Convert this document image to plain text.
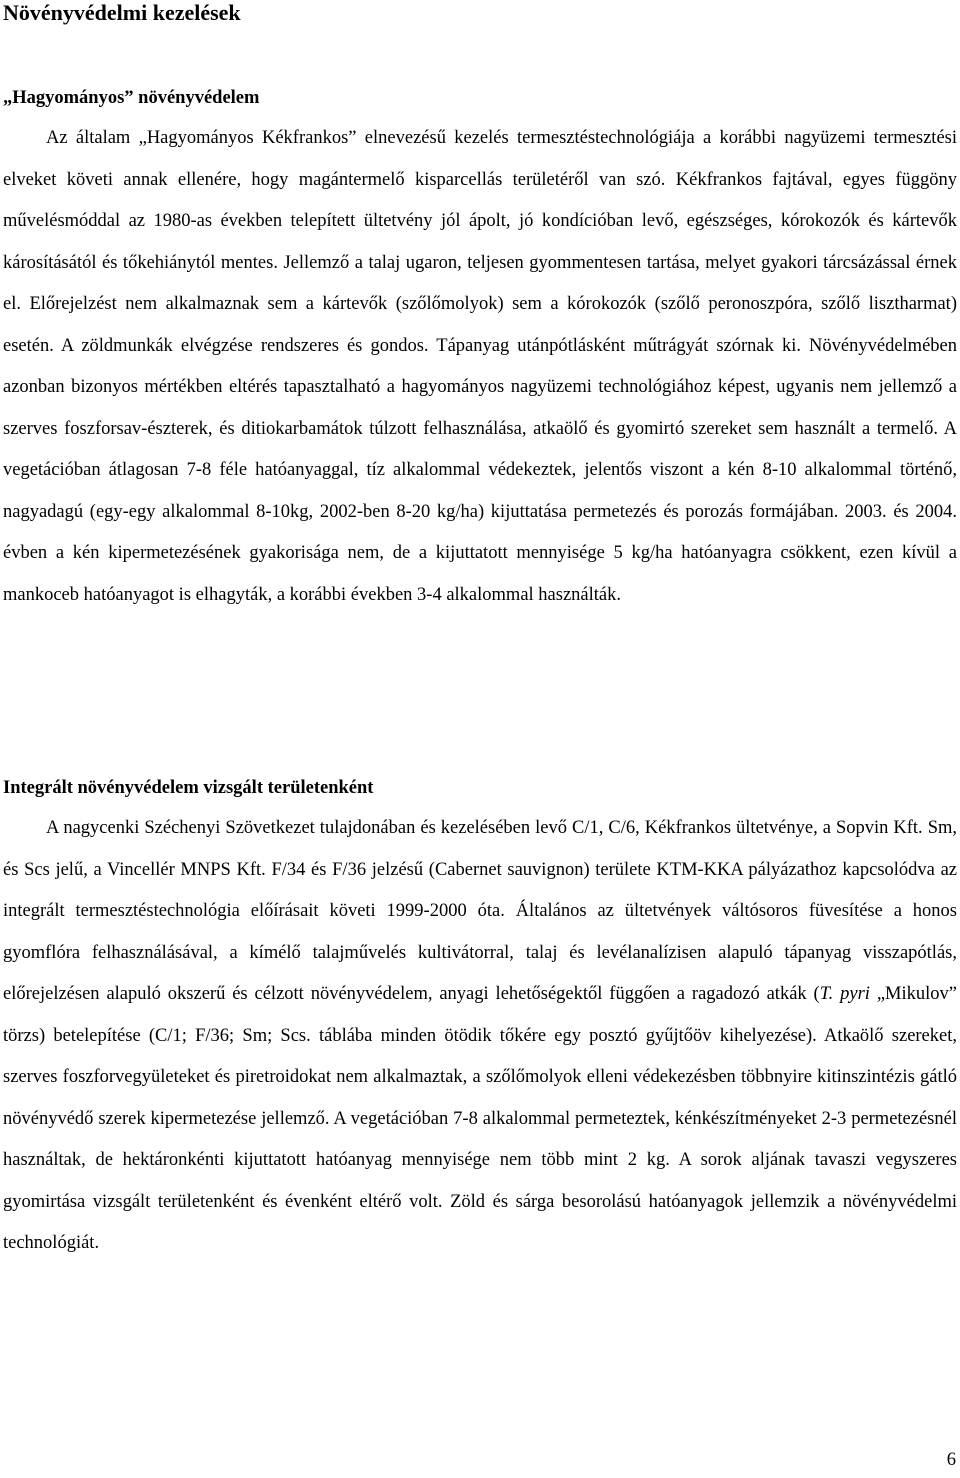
Növényvédelmi kezelések
„Hagyományos” növényvédelem

Az általam „Hagyományos Kékfrankos” elnevezésű kezelés termesztéstechnológiája a korábbi nagyüzemi termesztési elveket követi annak ellenére, hogy magántermelő kisparcellás területéről van szó. Kékfrankos fajtával, egyes függöny művelésmóddal az 1980-as években telepített ültetvény jól ápolt, jó kondícióban levő, egészséges, kórokozók és kártevők károsításától és tőkehiánytól mentes. Jellemző a talaj ugaron, teljesen gyommentesen tartása, melyet gyakori tárcsázással érnek el. Előrejelzést nem alkalmaznak sem a kártevők (szőlőmolyok) sem a kórokozók (szőlő peronoszpóra, szőlő lisztharmat) esetén. A zöldmunkák elvégzése rendszeres és gondos. Tápanyag utánpótlásként műtrágyát szórnak ki. Növényvédelmében azonban bizonyos mértékben eltérés tapasztalható a hagyományos nagyüzemi technológiához képest, ugyanis nem jellemző a szerves foszforsav-észterek, és ditiokarbamátok túlzott felhasználása, atkaölő és gyomirtó szereket sem használt a termelő. A vegetációban átlagosan 7-8 féle hatóanyaggal, tíz alkalommal védekeztek, jelentős viszont a kén 8-10 alkalommal történő, nagyadagú (egy-egy alkalommal 8-10kg, 2002-ben 8-20 kg/ha) kijuttatása permetezés és porozás formájában. 2003. és 2004. évben a kén kipermetezésének gyakorisága nem, de a kijuttatott mennyisége 5 kg/ha hatóanyagra csökkent, ezen kívül a mankoceb hatóanyagot is elhagyták, a korábbi években 3-4 alkalommal használták.

Integrált növényvédelem vizsgált területenként

A nagycenki Széchenyi Szövetkezet tulajdonában és kezelésében levő C/1, C/6, Kékfrankos ültetvénye, a Sopvin Kft. Sm, és Scs jelű, a Vincellér MNPS Kft. F/34 és F/36 jelzésű (Cabernet sauvignon) területe KTM-KKA pályázathoz kapcsolódva az integrált termesztéstechnológia előírásait követi 1999-2000 óta. Általános az ültetvények váltósoros füvesítése a honos gyomflóra felhasználásával, a kímélő talajművelés kultivátorral, talaj és levélanalízisen alapuló tápanyag visszapótlás, előrejelzésen alapuló okszerű és célzott növényvédelem, anyagi lehetőségektől függően a ragadozó atkák (T. pyri „Mikulov” törzs) betelepítése (C/1; F/36; Sm; Scs. táblába minden ötödik tőkére egy posztó gyűjtőöv kihelyezése). Atkaölő szereket, szerves foszforvegyületeket és piretroidokat nem alkalmaztak, a szőlőmolyok elleni védekezésben többnyire kitinszintézis gátló növényvédő szerek kipermetezése jellemző. A vegetációban 7-8 alkalommal permeteztek, kénkészítményeket 2-3 permetezésnél használtak, de hektáronkénti kijuttatott hatóanyag mennyisége nem több mint 2 kg. A sorok aljának tavaszi vegyszeres gyomirtása vizsgált területenként és évenként eltérő volt. Zöld és sárga besorolású hatóanyagok jellemzik a növényvédelmi technológiát.

6
